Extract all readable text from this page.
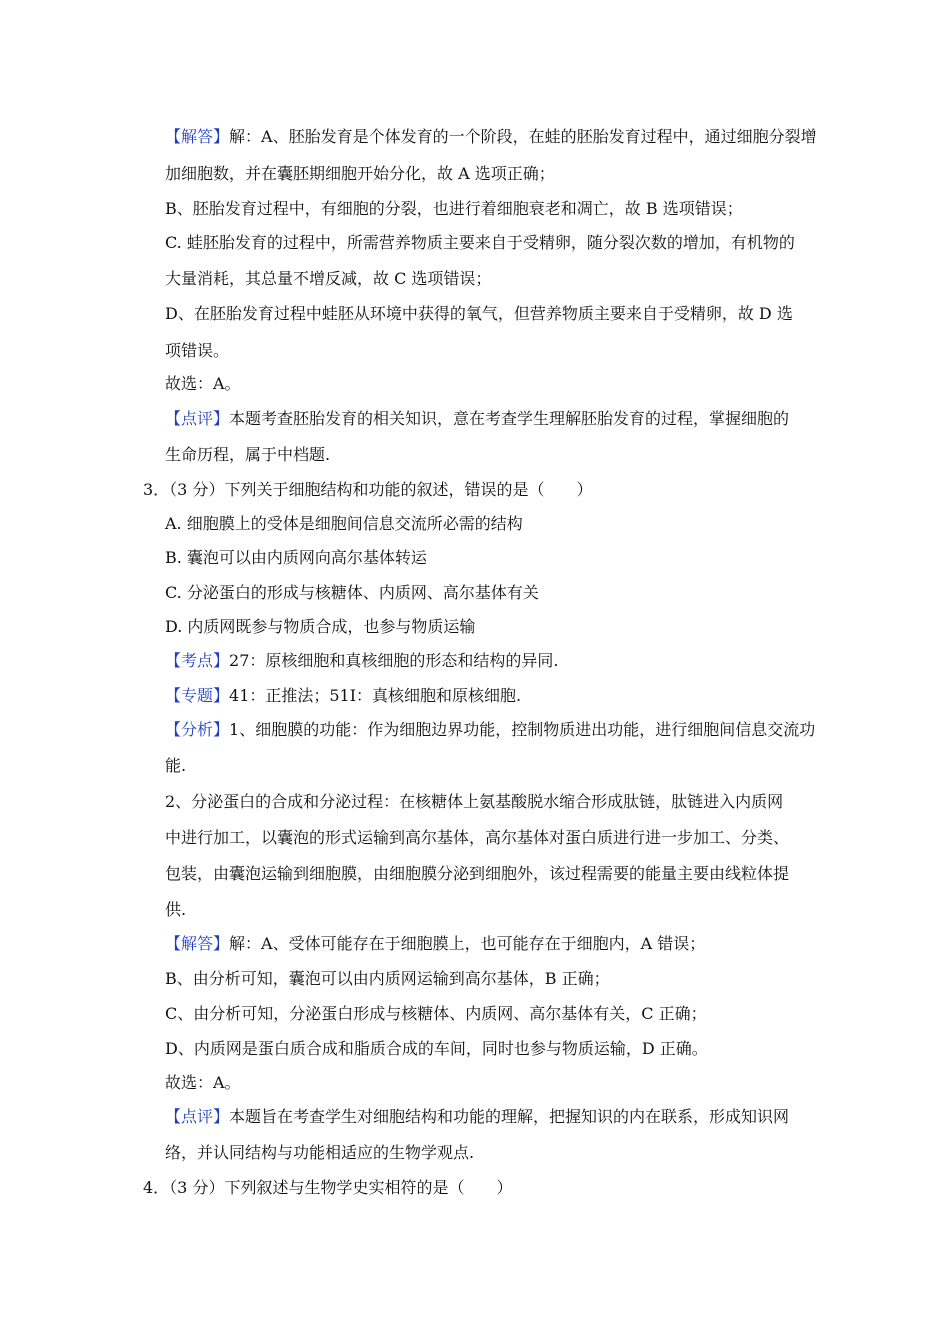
【解答】解：A、胚胎发育是个体发育的一个阶段，在蛙的胚胎发育过程中，通过细胞分裂增
加细胞数，并在囊胚期细胞开始分化，故 A 选项正确；
B、胚胎发育过程中，有细胞的分裂，也进行着细胞衰老和凋亡，故 B 选项错误；
C. 蛙胚胎发育的过程中，所需营养物质主要来自于受精卵，随分裂次数的增加，有机物的
大量消耗，其总量不增反减，故 C 选项错误；
D、在胚胎发育过程中蛙胚从环境中获得的氧气，但营养物质主要来自于受精卵，故 D 选
项错误。
故选：A。
【点评】本题考查胚胎发育的相关知识，意在考查学生理解胚胎发育的过程，掌握细胞的
生命历程，属于中档题.
3．（3 分）下列关于细胞结构和功能的叙述，错误的是（　　）
A. 细胞膜上的受体是细胞间信息交流所必需的结构
B. 囊泡可以由内质网向高尔基体转运
C. 分泌蛋白的形成与核糖体、内质网、高尔基体有关
D. 内质网既参与物质合成，也参与物质运输
【考点】27：原核细胞和真核细胞的形态和结构的异同.
【专题】41：正推法；51I：真核细胞和原核细胞.
【分析】1、细胞膜的功能：作为细胞边界功能，控制物质进出功能，进行细胞间信息交流功
能.
2、分泌蛋白的合成和分泌过程：在核糖体上氨基酸脱水缩合形成肽链，肽链进入内质网
中进行加工，以囊泡的形式运输到高尔基体，高尔基体对蛋白质进行进一步加工、分类、
包装，由囊泡运输到细胞膜，由细胞膜分泌到细胞外，该过程需要的能量主要由线粒体提
供.
【解答】解：A、受体可能存在于细胞膜上，也可能存在于细胞内，A 错误；
B、由分析可知，囊泡可以由内质网运输到高尔基体，B 正确；
C、由分析可知，分泌蛋白形成与核糖体、内质网、高尔基体有关，C 正确；
D、内质网是蛋白质合成和脂质合成的车间，同时也参与物质运输，D 正确。
故选：A。
【点评】本题旨在考查学生对细胞结构和功能的理解，把握知识的内在联系，形成知识网
络，并认同结构与功能相适应的生物学观点.
4．（3 分）下列叙述与生物学史实相符的是（　　）
